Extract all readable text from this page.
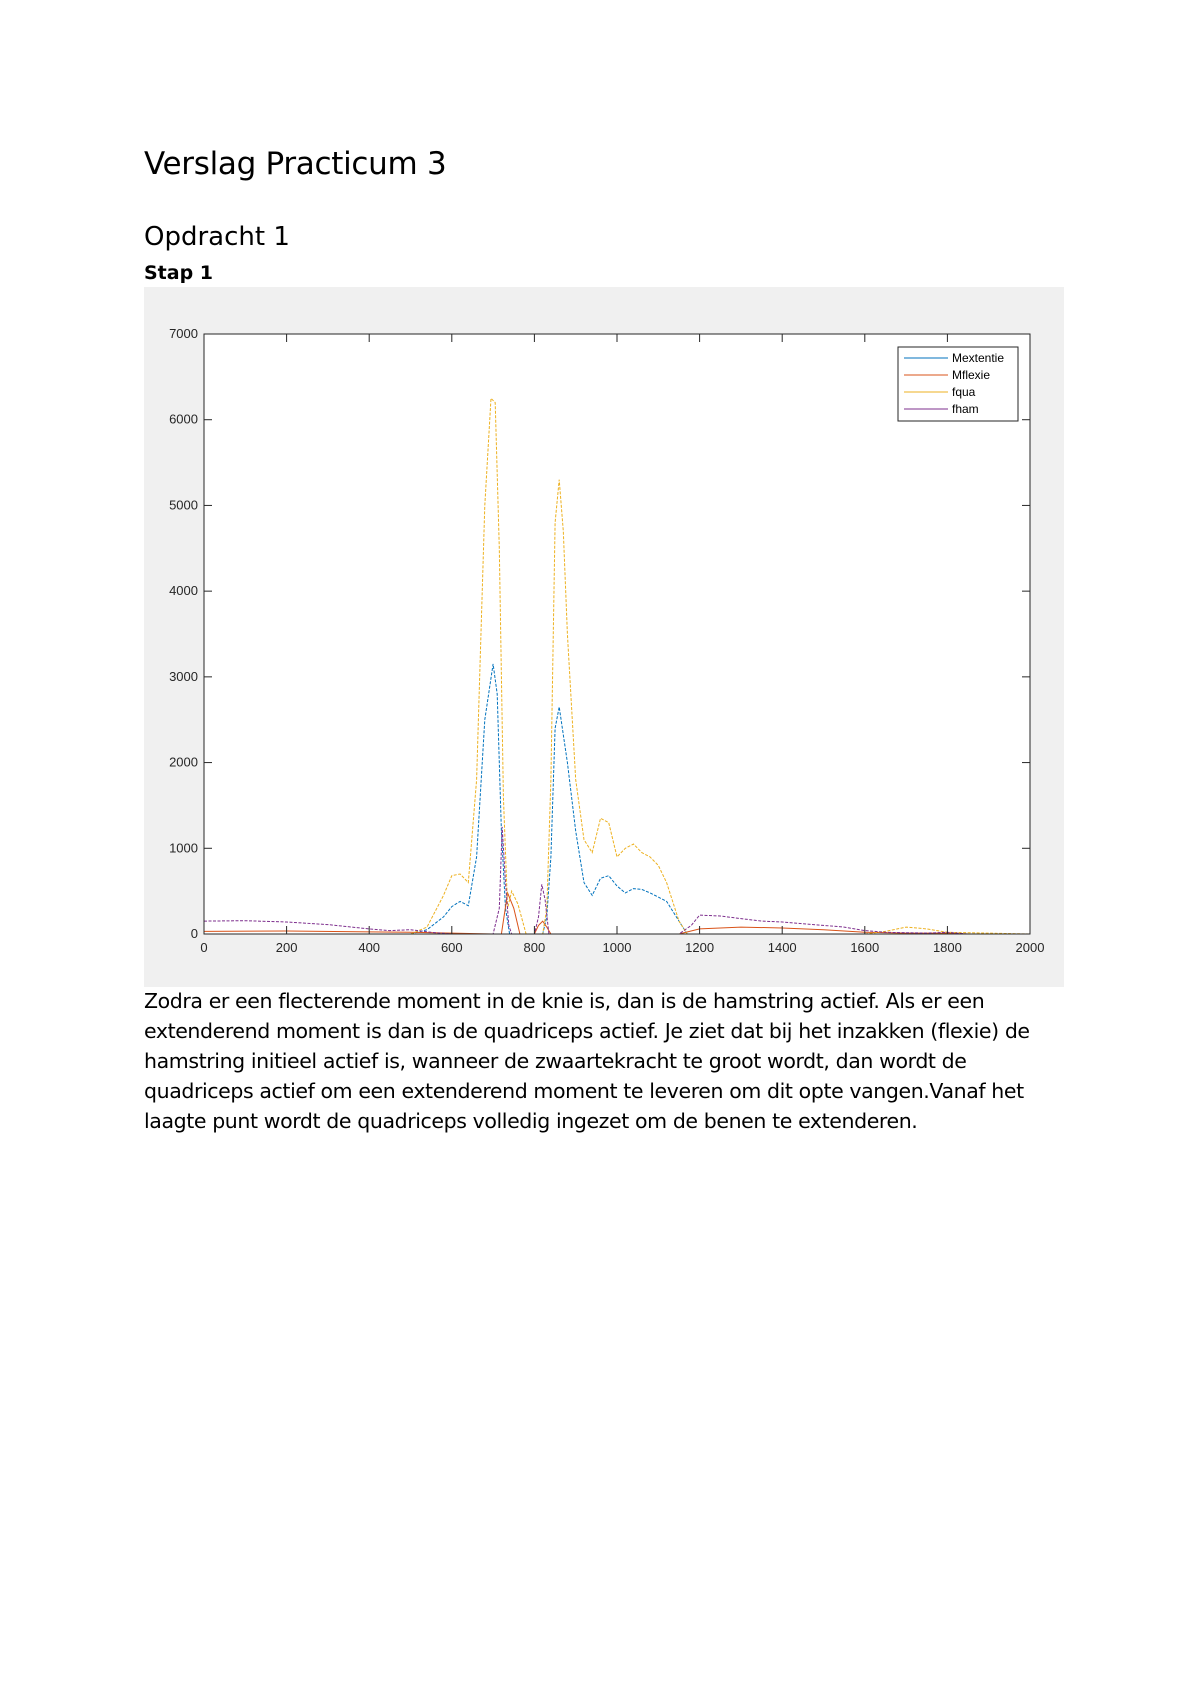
Verslag Practicum 3
Opdracht 1
Stap 1
0	200	400	600	800	1000	1200	1400	1600	1800	2000
0
1000
2000
3000
4000
5000
6000
7000
Mextentie
Mflexie
fqua
fham

Zodra er een flecterende moment in de knie is, dan is de hamstring actief. Als er een extenderend moment is dan is de quadriceps actief. Je ziet dat bij het inzakken (flexie) de hamstring initieel actief is, wanneer de zwaartekracht te groot wordt, dan wordt de quadriceps actief om een extenderend moment te leveren om dit opte vangen.Vanaf het laagte punt wordt de quadriceps volledig ingezet om de benen te extenderen.
